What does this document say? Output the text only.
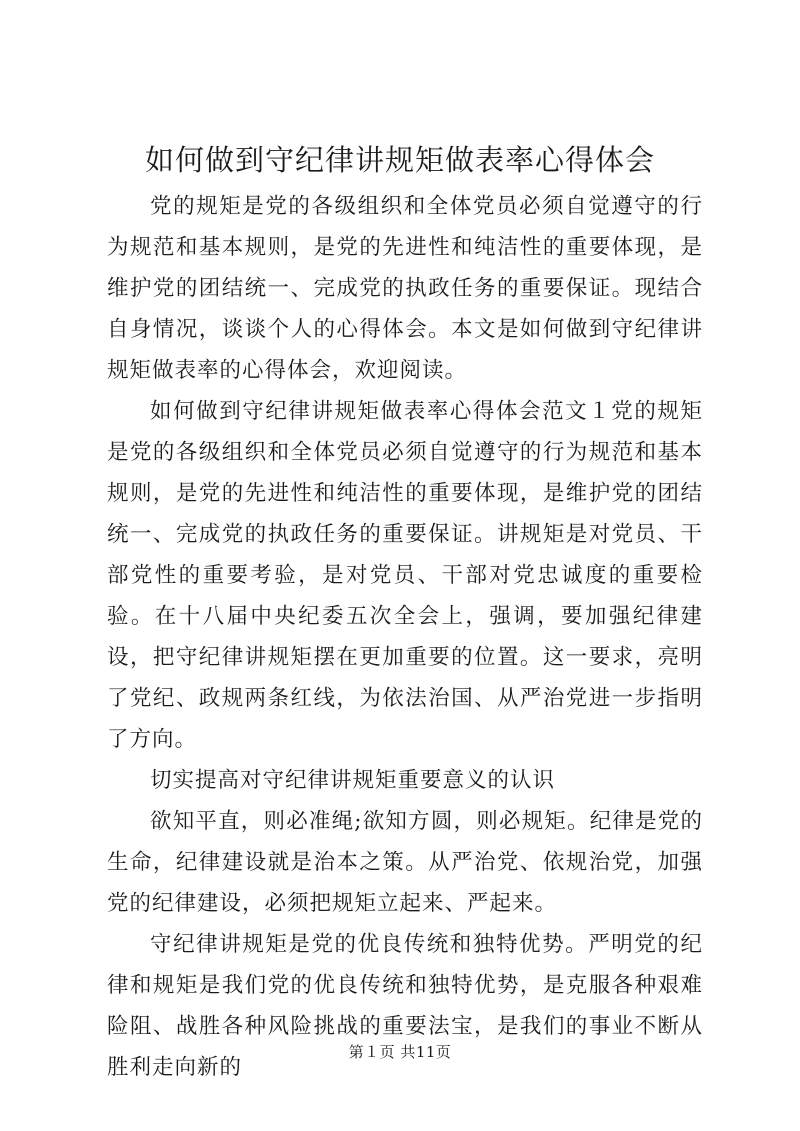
如何做到守纪律讲规矩做表率心得体会

党的规矩是党的各级组织和全体党员必须自觉遵守的行为规范和基本规则，是党的先进性和纯洁性的重要体现，是维护党的团结统一、完成党的执政任务的重要保证。现结合自身情况，谈谈个人的心得体会。本文是如何做到守纪律讲规矩做表率的心得体会，欢迎阅读。

如何做到守纪律讲规矩做表率心得体会范文１党的规矩是党的各级组织和全体党员必须自觉遵守的行为规范和基本规则，是党的先进性和纯洁性的重要体现，是维护党的团结统一、完成党的执政任务的重要保证。讲规矩是对党员、干部党性的重要考验，是对党员、干部对党忠诚度的重要检验。在十八届中央纪委五次全会上，强调，要加强纪律建设，把守纪律讲规矩摆在更加重要的位置。这一要求，亮明了党纪、政规两条红线，为依法治国、从严治党进一步指明了方向。

切实提高对守纪律讲规矩重要意义的认识

欲知平直，则必准绳;欲知方圆，则必规矩。纪律是党的生命，纪律建设就是治本之策。从严治党、依规治党，加强党的纪律建设，必须把规矩立起来、严起来。

守纪律讲规矩是党的优良传统和独特优势。严明党的纪律和规矩是我们党的优良传统和独特优势，是克服各种艰难险阻、战胜各种风险挑战的重要法宝，是我们的事业不断从胜利走向新的

第１页 共11页
